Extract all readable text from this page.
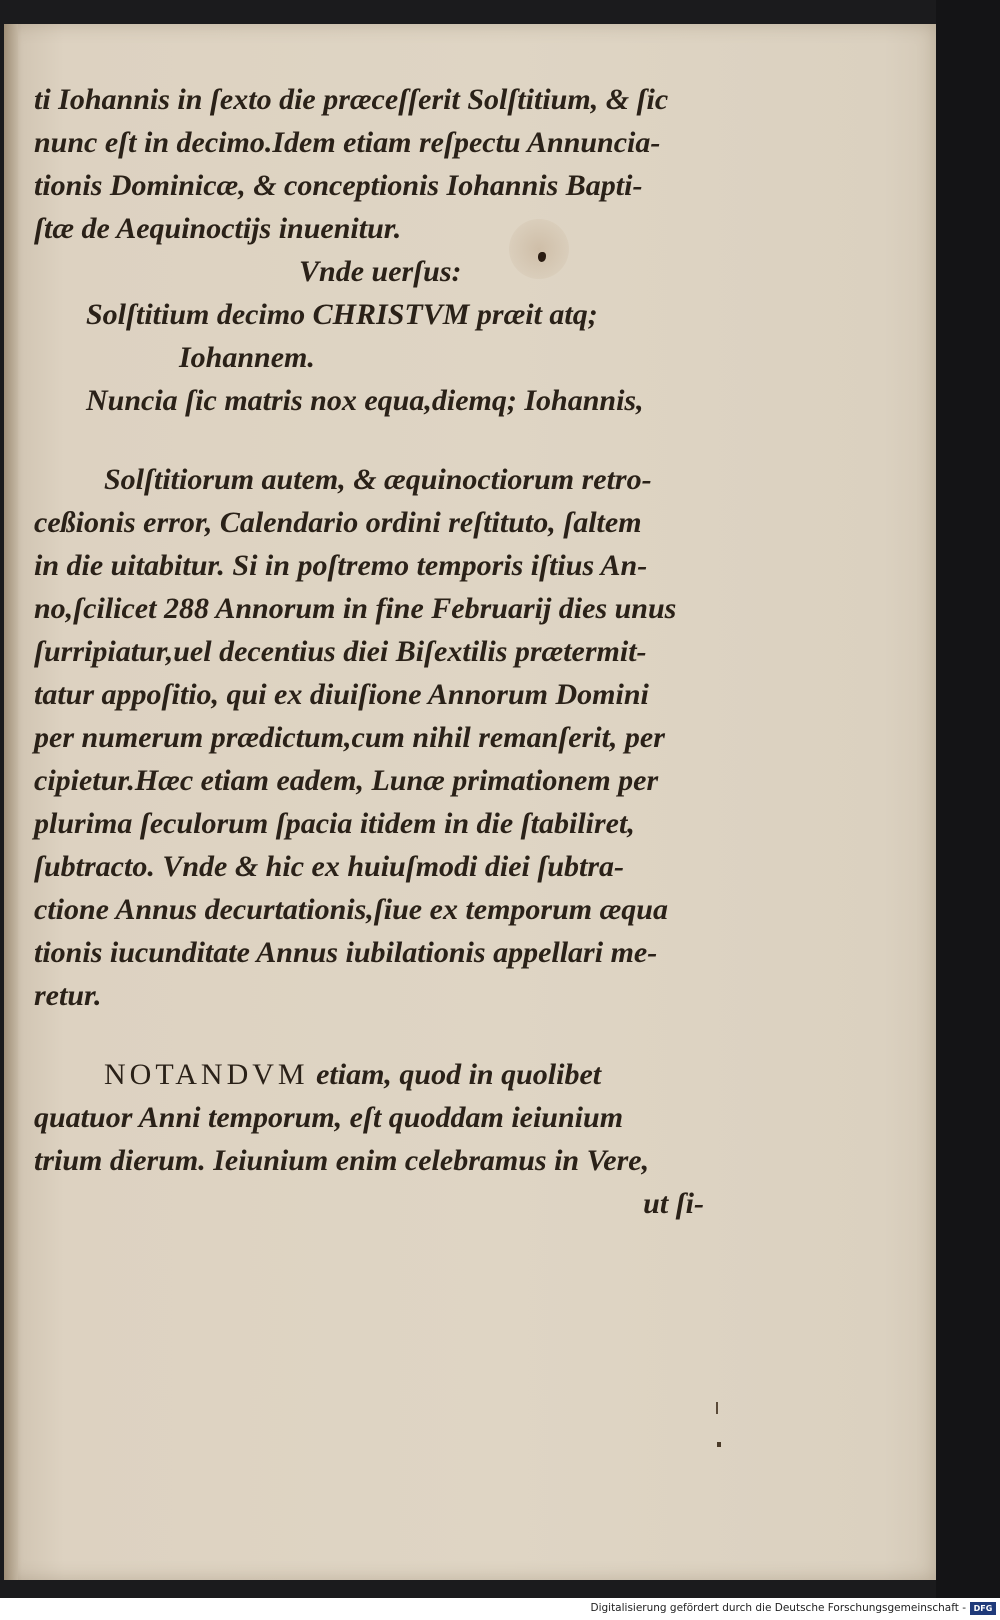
ti Iohannis in ſexto die præceſſerit Solſtitium, & ſic
nunc eſt in decimo.Idem etiam reſpectu Annuncia-
tionis Dominicæ, & conceptionis Iohannis Bapti-
ſtæ de Aequinoctijs inuenitur.
Vnde uerſus:
Solſtitium decimo CHRISTVM præit atq;
Iohannem.
Nuncia ſic matris nox equa,diemq; Iohannis,
Solſtitiorum autem, & æquinoctiorum retro-
ceßionis error, Calendario ordini reſtituto, ſaltem
in die uitabitur. Si in poſtremo temporis iſtius An-
no,ſcilicet 288 Annorum in fine Februarij dies unus
ſurripiatur,uel decentius diei Biſextilis prætermit-
tatur appoſitio, qui ex diuiſione Annorum Domini
per numerum prædictum,cum nihil remanſerit, per
cipietur.Hæc etiam eadem, Lunæ primationem per
plurima ſeculorum ſpacia itidem in die ſtabiliret,
ſubtracto. Vnde & hic ex huiuſmodi diei ſubtra-
ctione Annus decurtationis,ſiue ex temporum æqua
tionis iucunditate Annus iubilationis appellari me-
retur.
NOTANDVM etiam, quod in quolibet
quatuor Anni temporum, eſt quoddam ieiunium
trium dierum. Ieiunium enim celebramus in Vere,
ut ſi-
Digitalisierung gefördert durch die Deutsche Forschungsgemeinschaft - DFG
